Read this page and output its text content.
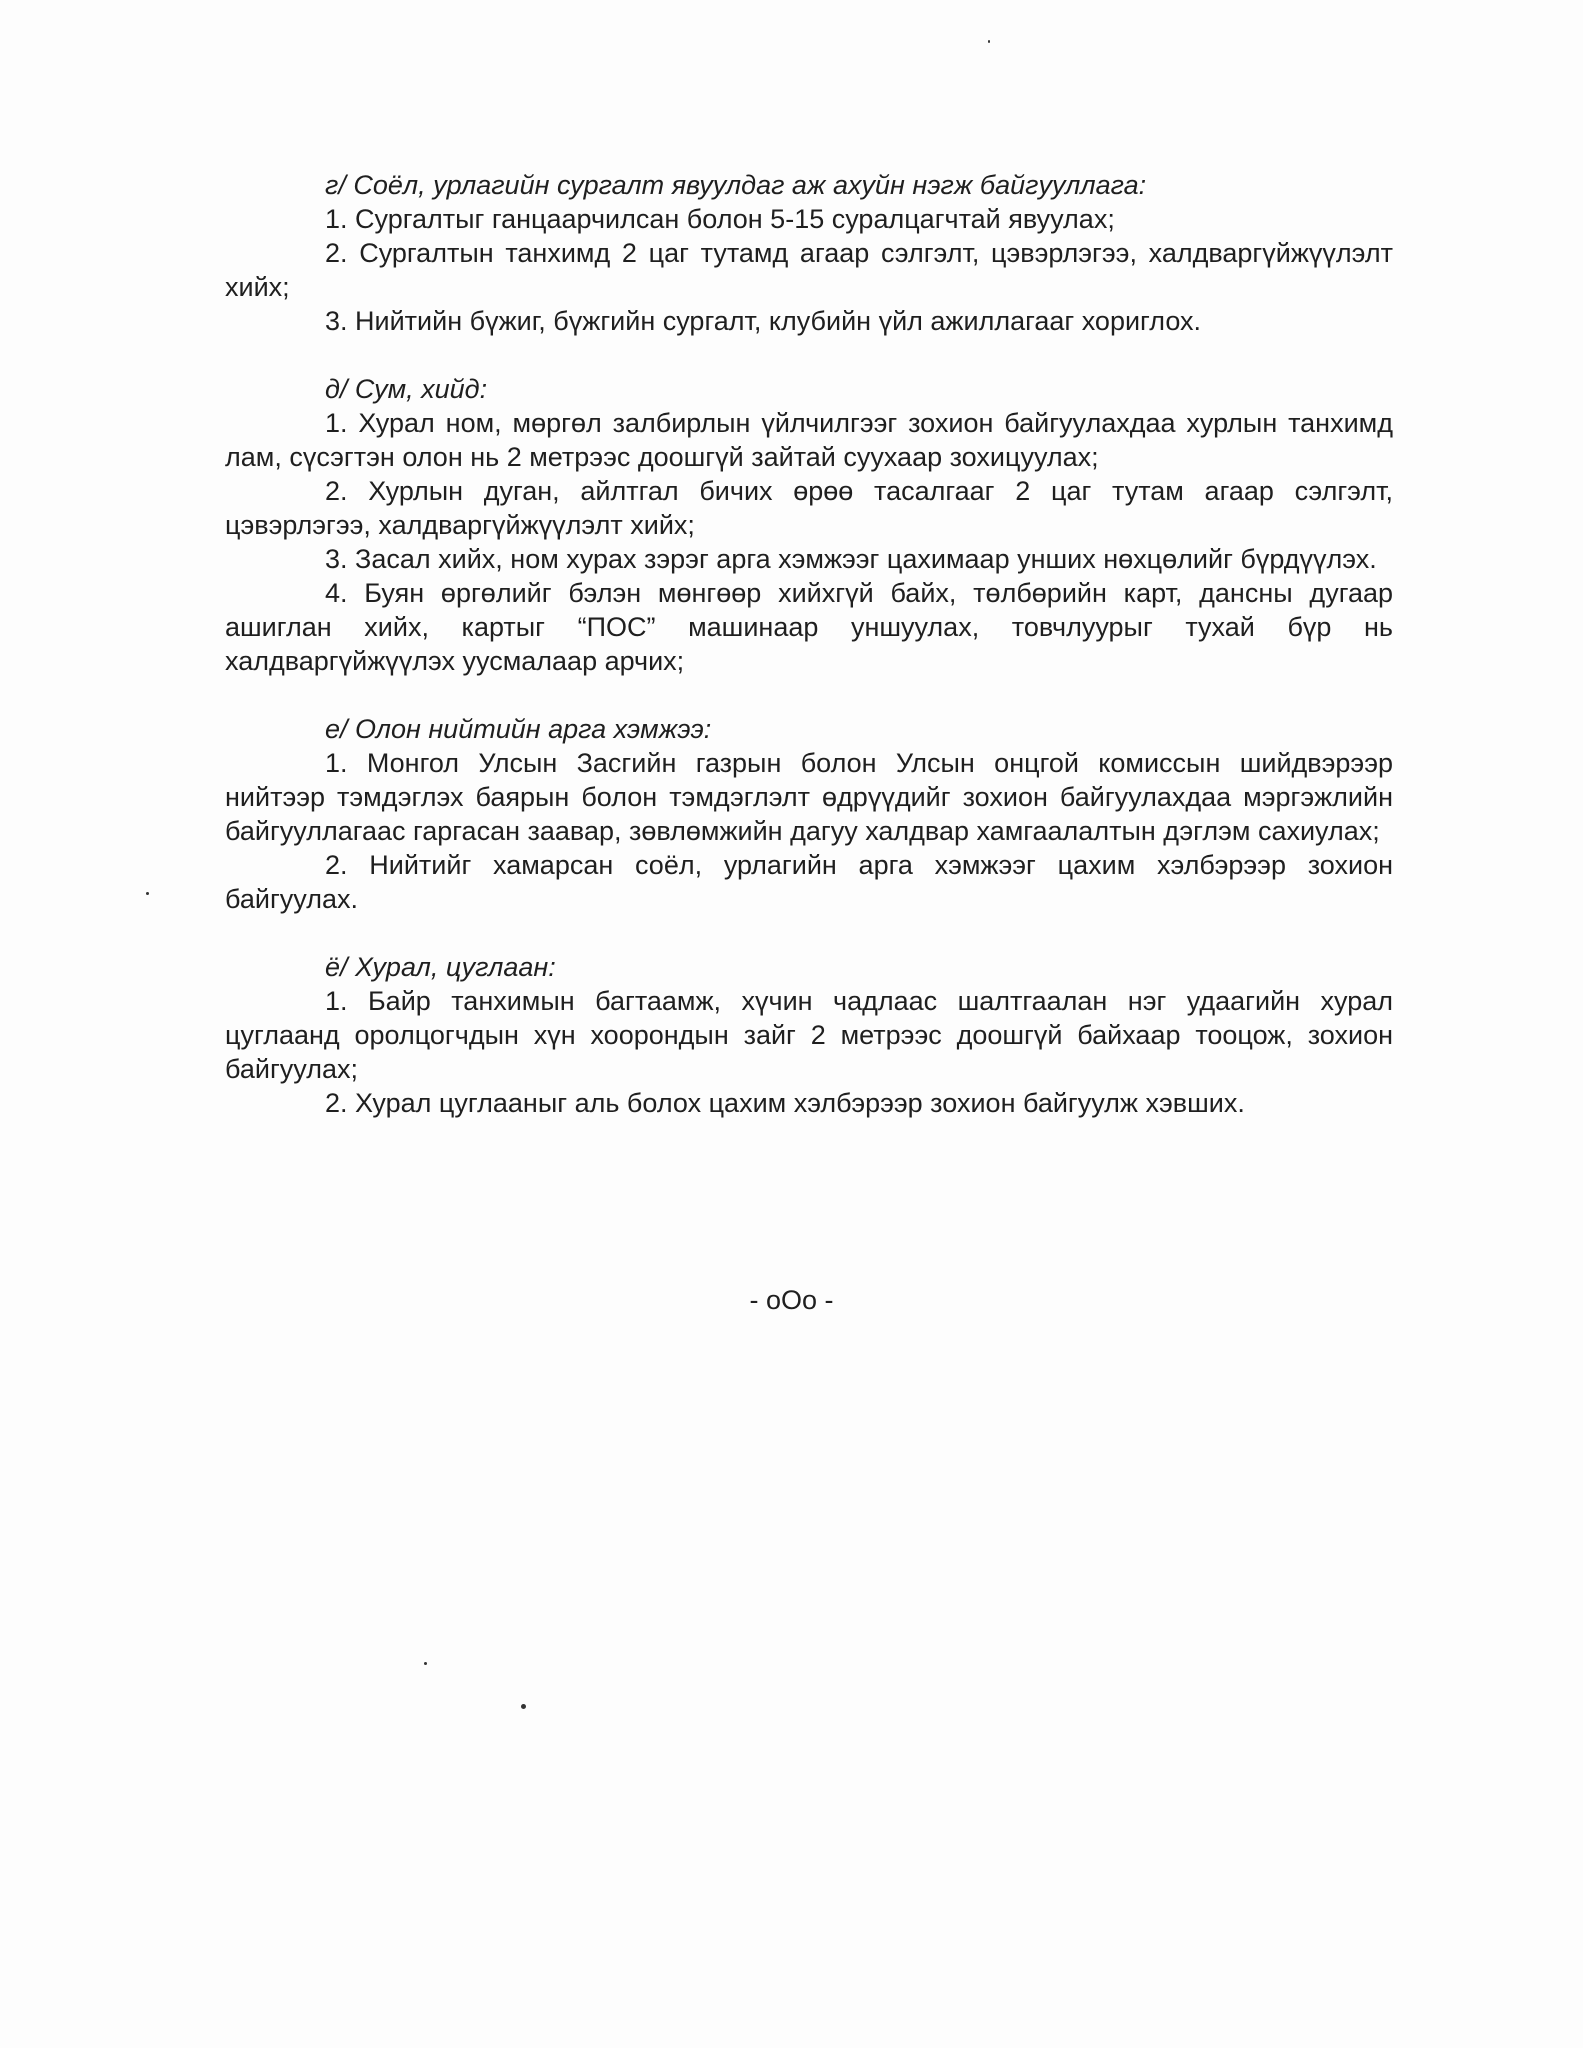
г/ Соёл, урлагийн сургалт явуулдаг аж ахуйн нэгж байгууллага:

1. Сургалтыг ганцаарчилсан болон 5-15 суралцагчтай явуулах;

2. Сургалтын танхимд 2 цаг тутамд агаар сэлгэлт, цэвэрлэгээ, халдваргүйжүүлэлт хийх;

3. Нийтийн бүжиг, бүжгийн сургалт, клубийн үйл ажиллагааг хориглох.

д/ Сум, хийд:

1. Хурал ном, мөргөл залбирлын үйлчилгээг зохион байгуулахдаа хурлын танхимд лам, сүсэгтэн олон нь 2 метрээс доошгүй зайтай суухаар зохицуулах;

2. Хурлын дуган, айлтгал бичих өрөө тасалгааг 2 цаг тутам агаар сэлгэлт, цэвэрлэгээ, халдваргүйжүүлэлт хийх;

3. Засал хийх, ном хурах зэрэг арга хэмжээг цахимаар унших нөхцөлийг бүрдүүлэх.

4. Буян өргөлийг бэлэн мөнгөөр хийхгүй байх, төлбөрийн карт, дансны дугаар ашиглан хийх, картыг “ПОС” машинаар уншуулах, товчлуурыг тухай бүр нь халдваргүйжүүлэх уусмалаар арчих;

е/ Олон нийтийн арга хэмжээ:

1. Монгол Улсын Засгийн газрын болон Улсын онцгой комиссын шийдвэрээр нийтээр тэмдэглэх баярын болон тэмдэглэлт өдрүүдийг зохион байгуулахдаа мэргэжлийн байгууллагаас гаргасан заавар, зөвлөмжийн дагуу халдвар хамгаалалтын дэглэм сахиулах;

2. Нийтийг хамарсан соёл, урлагийн арга хэмжээг цахим хэлбэрээр зохион байгуулах.

ё/ Хурал, цуглаан:

1. Байр танхимын багтаамж, хүчин чадлаас шалтгаалан нэг удаагийн хурал цуглаанд оролцогчдын хүн хоорондын зайг 2 метрээс доошгүй байхаар тооцож, зохион байгуулах;

2. Хурал цуглааныг аль болох цахим хэлбэрээр зохион байгуулж хэвших.

- оОо -
